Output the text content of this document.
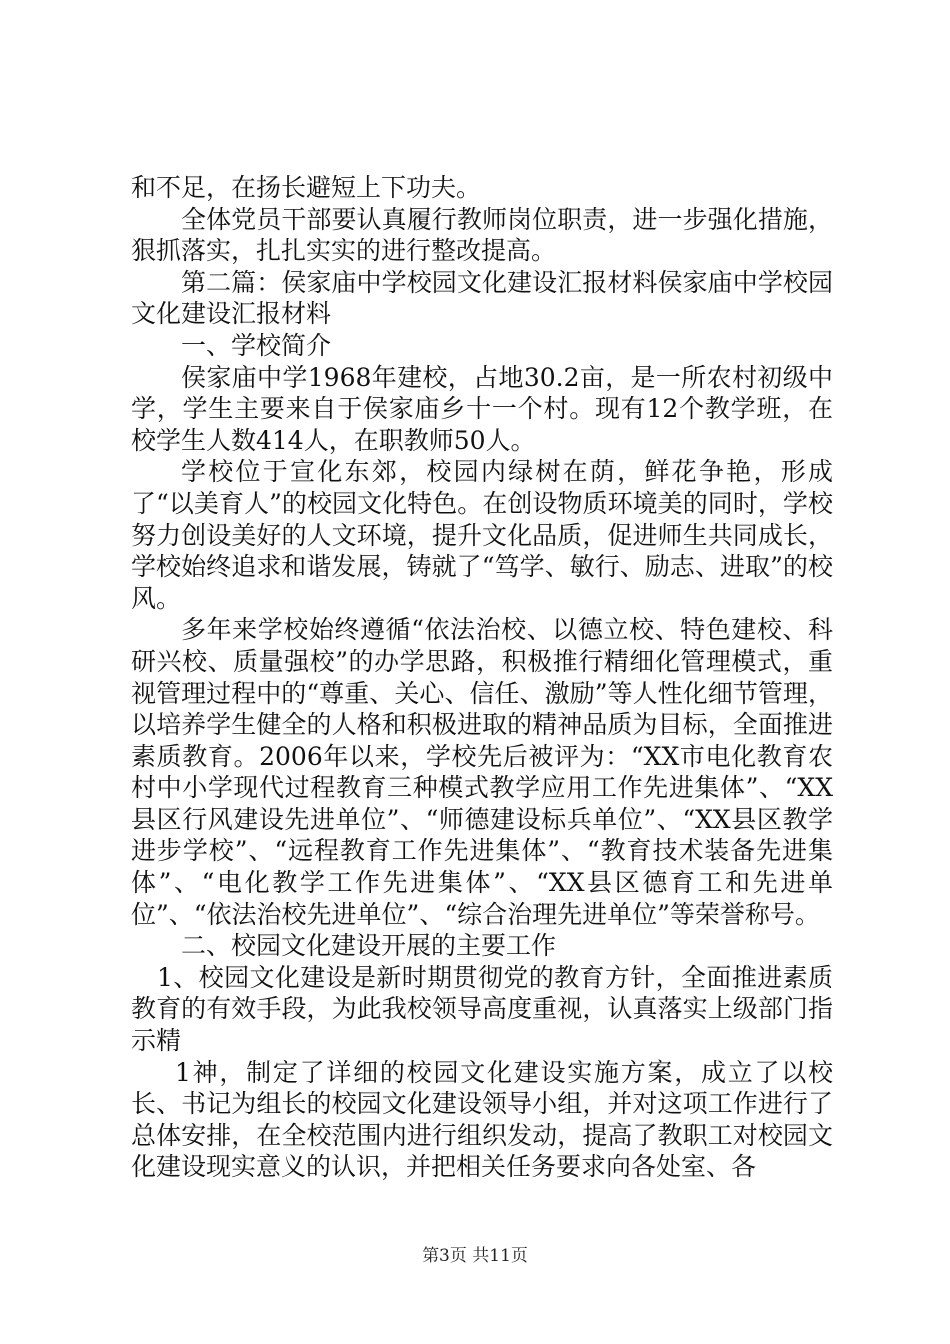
和不足，在扬长避短上下功夫。

全体党员干部要认真履行教师岗位职责，进一步强化措施，狠抓落实，扎扎实实的进行整改提高。

第二篇：侯家庙中学校园文化建设汇报材料侯家庙中学校园文化建设汇报材料

一、学校简介

侯家庙中学1968年建校，占地30.2亩，是一所农村初级中学，学生主要来自于侯家庙乡十一个村。现有12个教学班，在校学生人数414人，在职教师50人。

学校位于宣化东郊，校园内绿树在荫，鲜花争艳，形成了“以美育人”的校园文化特色。在创设物质环境美的同时，学校努力创设美好的人文环境，提升文化品质，促进师生共同成长，学校始终追求和谐发展，铸就了“笃学、敏行、励志、进取”的校风。

多年来学校始终遵循“依法治校、以德立校、特色建校、科研兴校、质量强校”的办学思路，积极推行精细化管理模式，重视管理过程中的“尊重、关心、信任、激励”等人性化细节管理，以培养学生健全的人格和积极进取的精神品质为目标，全面推进素质教育。2006年以来，学校先后被评为：“XX市电化教育农村中小学现代过程教育三种模式教学应用工作先进集体”、“XX县区行风建设先进单位”、“师德建设标兵单位”、“XX县区教学进步学校”、“远程教育工作先进集体”、“教育技术装备先进集体”、“电化教学工作先进集体”、“XX县区德育工和先进单位”、“依法治校先进单位”、“综合治理先进单位”等荣誉称号。

二、校园文化建设开展的主要工作

1、校园文化建设是新时期贯彻党的教育方针，全面推进素质教育的有效手段，为此我校领导高度重视，认真落实上级部门指示精

1神，制定了详细的校园文化建设实施方案，成立了以校长、书记为组长的校园文化建设领导小组，并对这项工作进行了总体安排，在全校范围内进行组织发动，提高了教职工对校园文化建设现实意义的认识，并把相关任务要求向各处室、各

第3页 共11页
